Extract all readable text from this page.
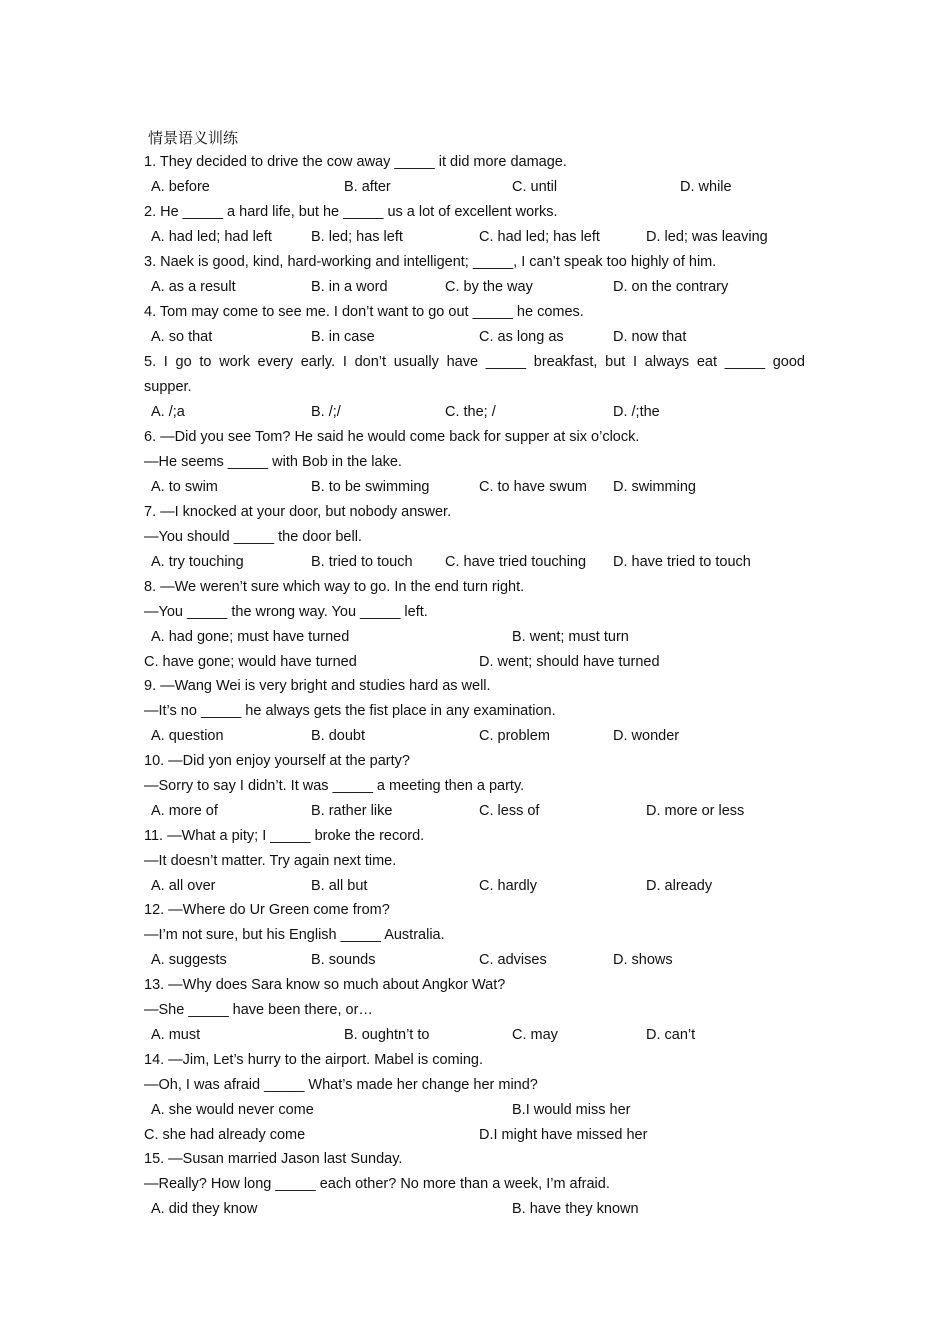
情景语义训练
1. They decided to drive the cow away _____ it did more damage.
A. before	B. after	C. until	D. while
2. He _____ a hard life, but he _____ us a lot of excellent works.
A. had led; had left	B. led; has left	C. had led; has left	D. led; was leaving
3. Naek is good, kind, hard-working and intelligent; _____, I can’t speak too highly of him.
A. as a result	B. in a word	C. by the way	D. on the contrary
4. Tom may come to see me. I don’t want to go out _____ he comes.
A. so that	B. in case	C. as long as	D. now that
5. I go to work every early. I don’t usually have _____ breakfast, but I always eat _____ good
supper.
A. /;a	B. /;/	C. the; /	D. /;the
6. —Did you see Tom? He said he would come back for supper at six o’clock.
—He seems _____ with Bob in the lake.
A. to swim	B. to be swimming	C. to have swum D. swimming
7. —I knocked at your door, but nobody answer.
—You should _____ the door bell.
A. try touching	B. tried to touch C. have tried touching D. have tried to touch
8. —We weren’t sure which way to go. In the end turn right.
—You _____ the wrong way. You _____ left.
A. had gone; must have turned	B. went; must turn
C. have gone; would have turned	D. went; should have turned
9. —Wang Wei is very bright and studies hard as well.
—It’s no _____ he always gets the fist place in any examination.
A. question	B. doubt	C. problem	D. wonder
10. —Did yon enjoy yourself at the party?
—Sorry to say I didn’t. It was _____ a meeting then a party.
A. more of	B. rather like	C. less of	D. more or less
11. —What a pity; I _____ broke the record.
—It doesn’t matter. Try again next time.
A. all over	B. all but	C. hardly	D. already
12. —Where do Ur Green come from?
—I’m not sure, but his English _____ Australia.
A. suggests	B. sounds	C. advises	D. shows
13. —Why does Sara know so much about Angkor Wat?
—She _____ have been there, or…
A. must	B. oughtn’t to	C. may	D. can’t
14. —Jim, Let’s hurry to the airport. Mabel is coming.
—Oh, I was afraid _____ What’s made her change her mind?
A. she would never come	B.I would miss her
C. she had already come	D.I might have missed her
15. —Susan married Jason last Sunday.
—Really? How long _____ each other? No more than a week, I’m afraid.
A. did they know	B. have they known
